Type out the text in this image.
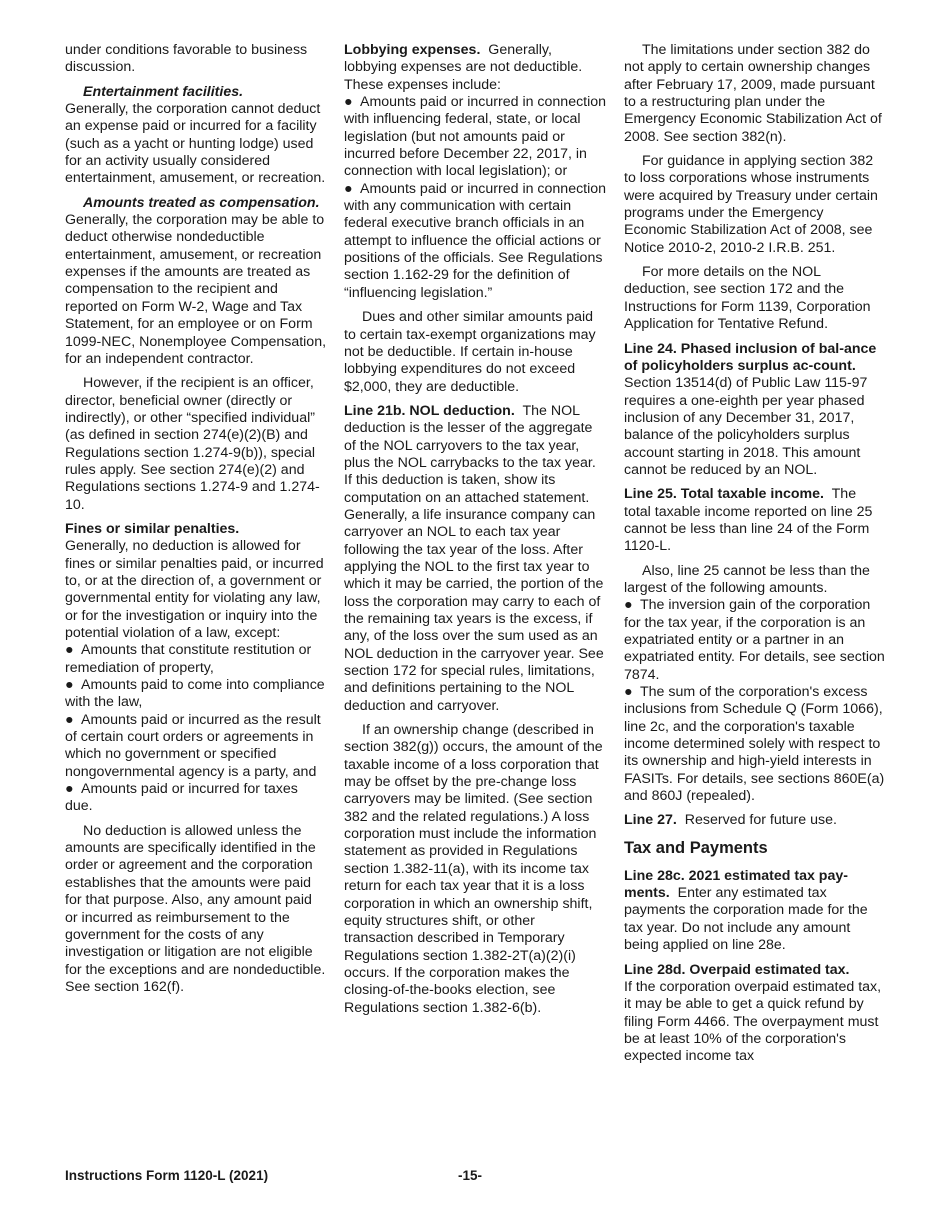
under conditions favorable to business discussion.

Entertainment facilities.
Generally, the corporation cannot deduct an expense paid or incurred for a facility (such as a yacht or hunting lodge) used for an activity usually considered entertainment, amusement, or recreation.

Amounts treated as compensation.  Generally, the corporation may be able to deduct otherwise nondeductible entertainment, amusement, or recreation expenses if the amounts are treated as compensation to the recipient and reported on Form W-2, Wage and Tax Statement, for an employee or on Form 1099-NEC, Nonemployee Compensation, for an independent contractor.

However, if the recipient is an officer, director, beneficial owner (directly or indirectly), or other “specified individual” (as defined in section 274(e)(2)(B) and Regulations section 1.274-9(b)), special rules apply. See section 274(e)(2) and Regulations sections 1.274-9 and 1.274-10.

Fines or similar penalties.
Generally, no deduction is allowed for fines or similar penalties paid, or incurred to, or at the direction of, a government or governmental entity for violating any law, or for the investigation or inquiry into the potential violation of a law, except:

● Amounts that constitute restitution or remediation of property,
● Amounts paid to come into compliance with the law,
● Amounts paid or incurred as the result of certain court orders or agreements in which no government or specified nongovernmental agency is a party, and
● Amounts paid or incurred for taxes due.

No deduction is allowed unless the amounts are specifically identified in the order or agreement and the corporation establishes that the amounts were paid for that purpose. Also, any amount paid or incurred as reimbursement to the government for the costs of any investigation or litigation are not eligible for the exceptions and are nondeductible. See section 162(f).

Lobbying expenses. Generally, lobbying expenses are not deductible. These expenses include:

● Amounts paid or incurred in connection with influencing federal, state, or local legislation (but not amounts paid or incurred before December 22, 2017, in connection with local legislation); or
● Amounts paid or incurred in connection with any communication with certain federal executive branch officials in an attempt to influence the official actions or positions of the officials. See Regulations section 1.162-29 for the definition of “influencing legislation.”

Dues and other similar amounts paid to certain tax-exempt organizations may not be deductible. If certain in-house lobbying expenditures do not exceed $2,000, they are deductible.

Line 21b. NOL deduction. The NOL deduction is the lesser of the aggregate of the NOL carryovers to the tax year, plus the NOL carrybacks to the tax year. If this deduction is taken, show its computation on an attached statement. Generally, a life insurance company can carryover an NOL to each tax year following the tax year of the loss. After applying the NOL to the first tax year to which it may be carried, the portion of the loss the corporation may carry to each of the remaining tax years is the excess, if any, of the loss over the sum used as an NOL deduction in the carryover year. See section 172 for special rules, limitations, and definitions pertaining to the NOL deduction and carryover.

If an ownership change (described in section 382(g)) occurs, the amount of the taxable income of a loss corporation that may be offset by the pre-change loss carryovers may be limited. (See section 382 and the related regulations.) A loss corporation must include the information statement as provided in Regulations section 1.382-11(a), with its income tax return for each tax year that it is a loss corporation in which an ownership shift, equity structures shift, or other transaction described in Temporary Regulations section 1.382-2T(a)(2)(i) occurs. If the corporation makes the closing-of-the-books election, see Regulations section 1.382-6(b).

The limitations under section 382 do not apply to certain ownership changes after February 17, 2009, made pursuant to a restructuring plan under the Emergency Economic Stabilization Act of 2008. See section 382(n).

For guidance in applying section 382 to loss corporations whose instruments were acquired by Treasury under certain programs under the Emergency Economic Stabilization Act of 2008, see Notice 2010-2, 2010-2 I.R.B. 251.

For more details on the NOL deduction, see section 172 and the Instructions for Form 1139, Corporation Application for Tentative Refund.

Line 24. Phased inclusion of bal-ance of policyholders surplus ac-count.  Section 13514(d) of Public Law 115-97 requires a one-eighth per year phased inclusion of any December 31, 2017, balance of the policyholders surplus account starting in 2018. This amount cannot be reduced by an NOL.

Line 25. Total taxable income. The total taxable income reported on line 25 cannot be less than line 24 of the Form 1120-L.

Also, line 25 cannot be less than the largest of the following amounts.

● The inversion gain of the corporation for the tax year, if the corporation is an expatriated entity or a partner in an expatriated entity. For details, see section 7874.
● The sum of the corporation's excess inclusions from Schedule Q (Form 1066), line 2c, and the corporation's taxable income determined solely with respect to its ownership and high-yield interests in FASITs. For details, see sections 860E(a) and 860J (repealed).

Line 27. Reserved for future use.

Tax and Payments

Line 28c. 2021 estimated tax pay-ments. Enter any estimated tax payments the corporation made for the tax year. Do not include any amount being applied on line 28e.

Line 28d. Overpaid estimated tax.
If the corporation overpaid estimated tax, it may be able to get a quick refund by filing Form 4466. The overpayment must be at least 10% of the corporation's expected income tax

Instructions Form 1120-L (2021)	-15-
